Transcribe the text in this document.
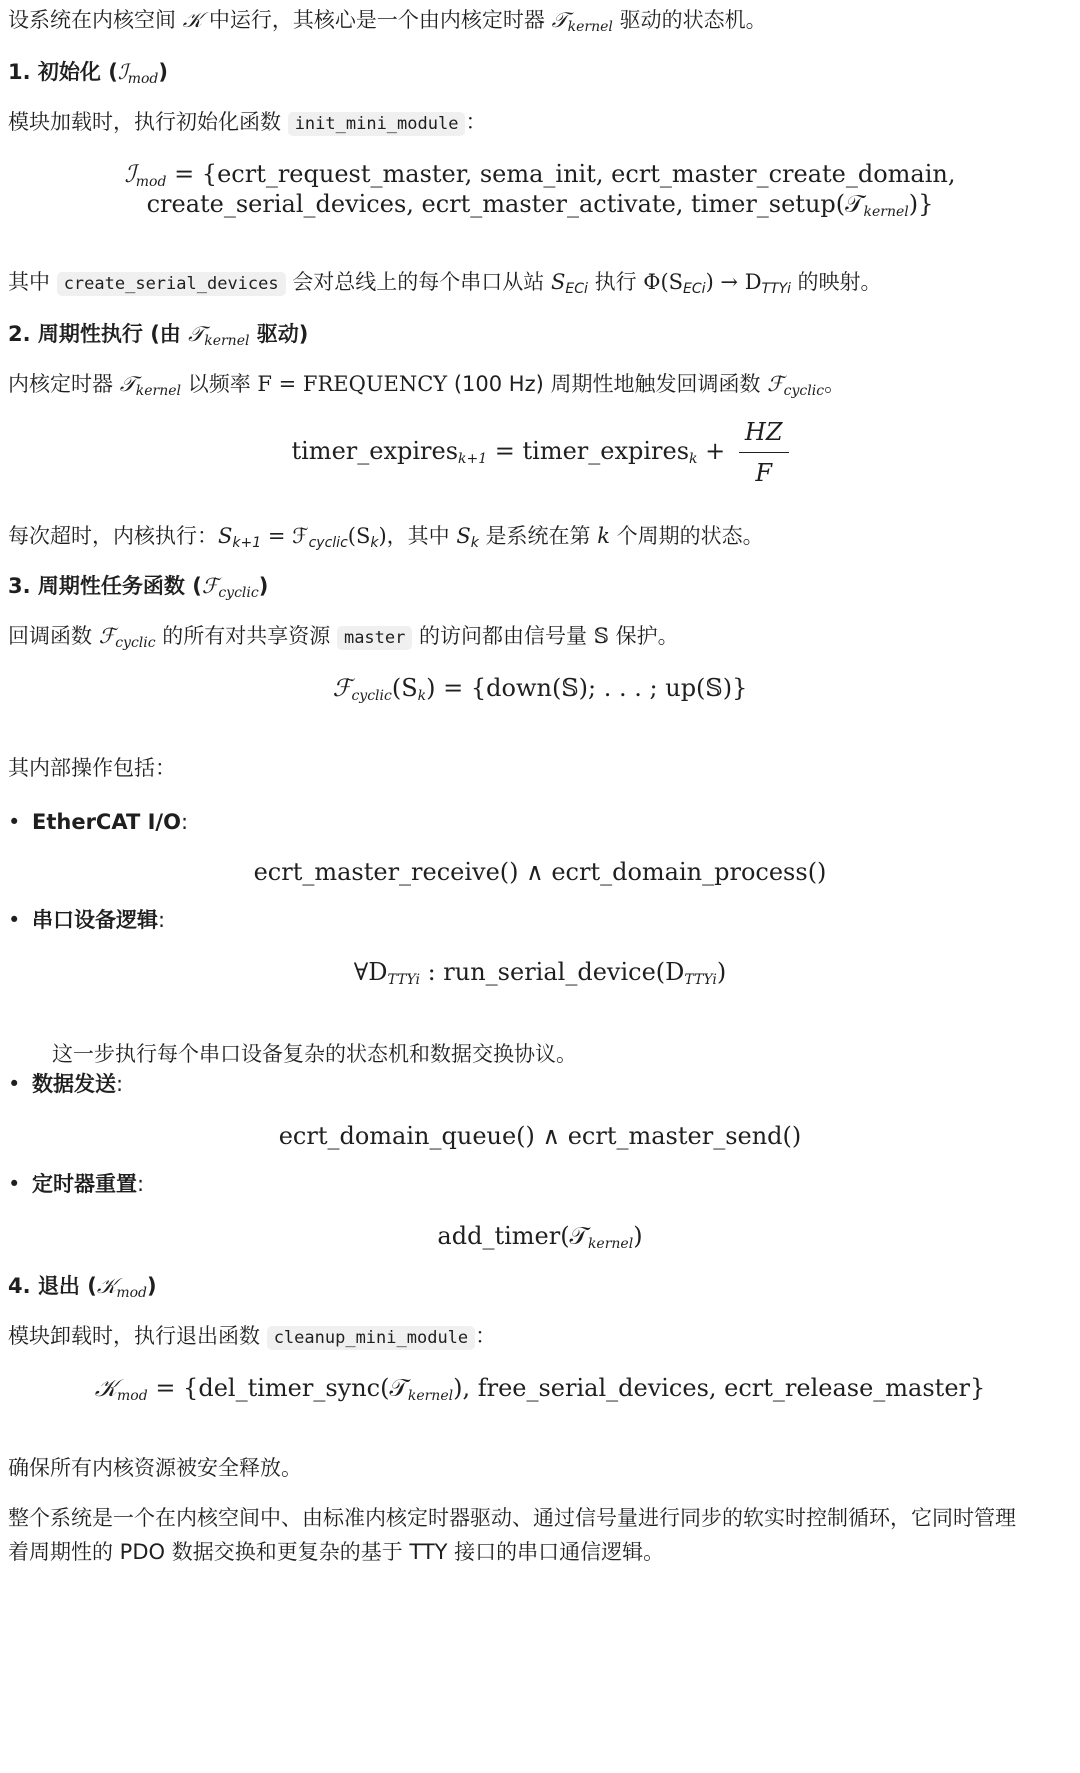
设系统在内核空间 𝒦 中运行，其核心是一个由内核定时器 𝒯$_{kernel}$ 驱动的状态机。
1. 初始化 (ℐ$_{mod}$)
模块加载时，执行初始化函数 init_mini_module ：
ℐ$_{mod}$ = {ecrt_request_master, sema_init, ecrt_master_create_domain,
create_serial_devices, ecrt_master_activate, timer_setup(𝒯$_{kernel}$)}
其中 create_serial_devices 会对总线上的每个串口从站 $S_{ECi}$ 执行 $\Phi(S_{ECi}) \to D_{TTYi}$ 的映射。
2. 周期性执行 (由 𝒯$_{kernel}$ 驱动)
内核定时器 𝒯$_{kernel}$ 以频率 F = FREQUENCY (100 Hz) 周期性地触发回调函数 ℱ$_{cyclic}$。
timer_expires$_{k+1}$ = timer_expires$_k$ + $\frac{HZ}{F}$
每次超时，内核执行：$S_{k+1}$ = $ℱ_{cyclic}(S_k)$，其中 $S_k$ 是系统在第 k 个周期的状态。
3. 周期性任务函数 (ℱ$_{cyclic}$)
回调函数 ℱ$_{cyclic}$ 的所有对共享资源 master 的访问都由信号量 𝕊 保护。
$ℱ_{cyclic}(S_k)$ = {down(𝕊); . . . ; up(𝕊)}
其内部操作包括：
• EtherCAT I/O:
ecrt_master_receive() ∧ ecrt_domain_process()
• 串口设备逻辑:
$\forall D_{TTYi}$ : $run\_serial\_device(D_{TTYi})$
这一步执行每个串口设备复杂的状态机和数据交换协议。
• 数据发送:
ecrt_domain_queue() ∧ ecrt_master_send()
• 定时器重置:
add_timer(𝒯$_{kernel}$)
4. 退出 (𝒦$_{mod}$)
模块卸载时，执行退出函数 cleanup_mini_module ：
𝒦$_{mod}$ = {del_timer_sync(𝒯$_{kernel}$), free_serial_devices, ecrt_release_master}
确保所有内核资源被安全释放。
整个系统是一个在内核空间中、由标准内核定时器驱动、通过信号量进行同步的软实时控制循环，它同时管理
着周期性的 PDO 数据交换和更复杂的基于 TTY 接口的串口通信逻辑。
